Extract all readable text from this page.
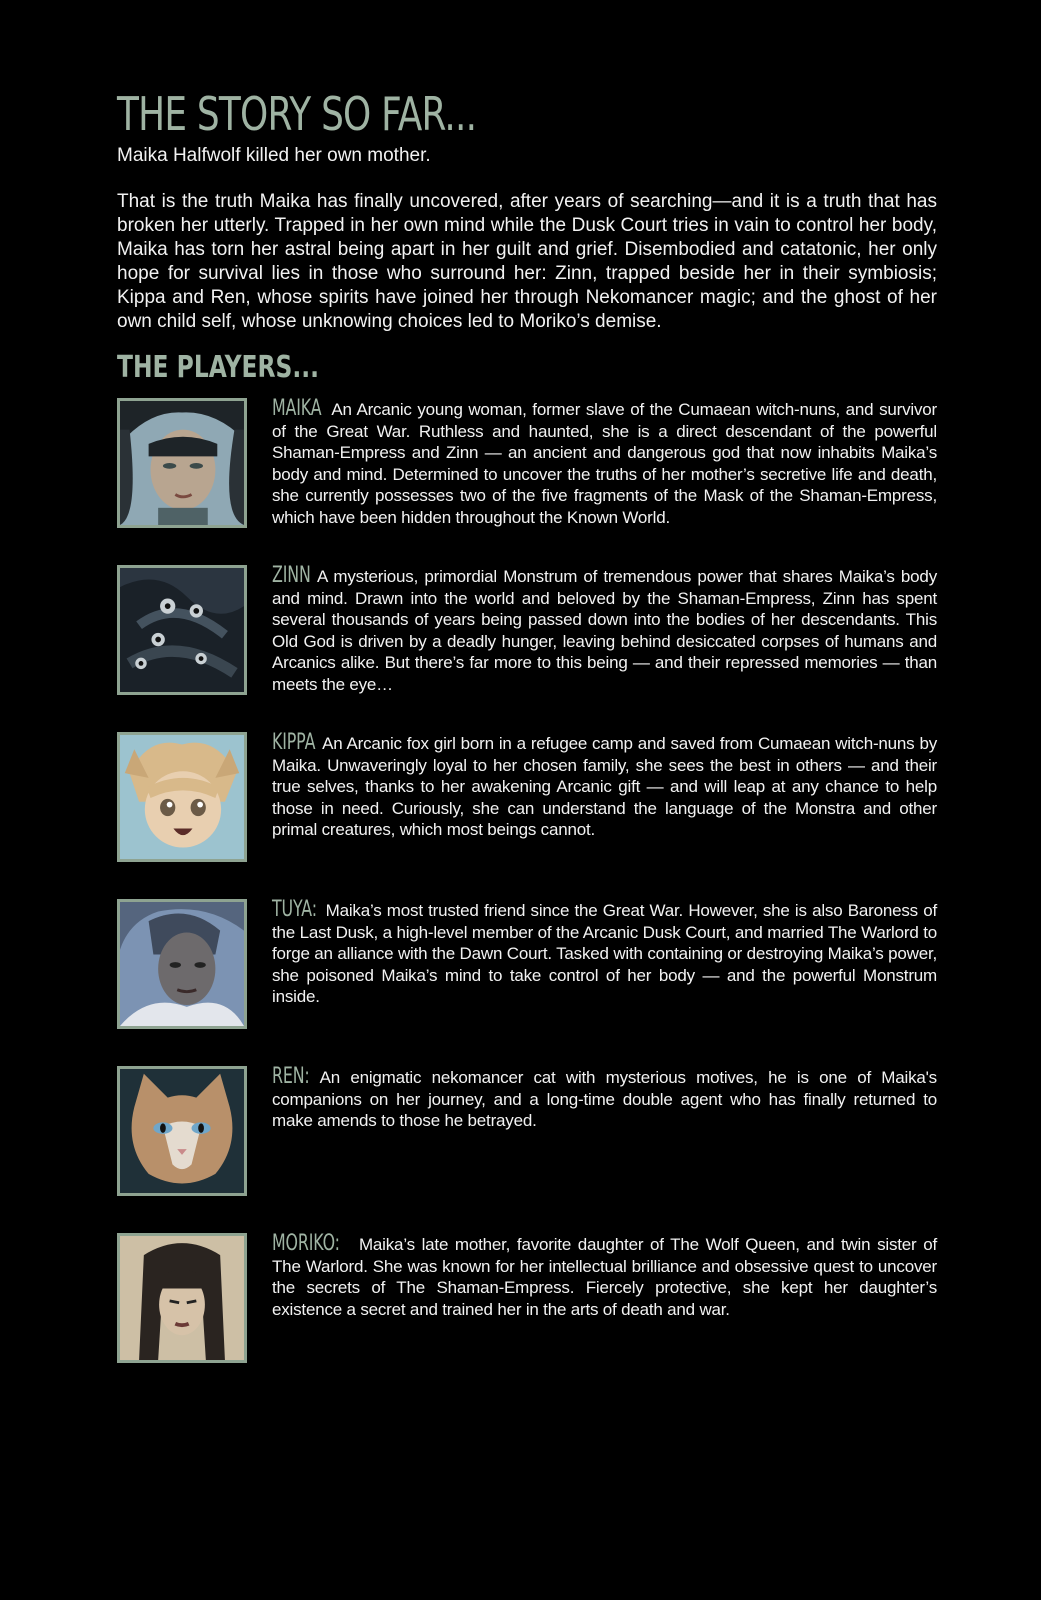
THE STORY SO FAR...

Maika Halfwolf killed her own mother.

That is the truth Maika has finally uncovered, after years of searching—and it is a truth that has broken her utterly. Trapped in her own mind while the Dusk Court tries in vain to control her body, Maika has torn her astral being apart in her guilt and grief. Disembodied and catatonic, her only hope for survival lies in those who surround her: Zinn, trapped beside her in their symbiosis; Kippa and Ren, whose spirits have joined her through Nekomancer magic; and the ghost of her own child self, whose unknowing choices led to Moriko’s demise.

THE PLAYERS...
MAIKA An Arcanic young woman, former slave of the Cumaean witch-nuns, and survivor of the Great War. Ruthless and haunted, she is a direct descendant of the powerful Shaman-Empress and Zinn — an ancient and dangerous god that now inhabits Maika’s body and mind. Determined to uncover the truths of her mother’s secretive life and death, she currently possesses two of the five fragments of the Mask of the Shaman-Empress, which have been hidden throughout the Known World.
ZINN A mysterious, primordial Monstrum of tremendous power that shares Maika’s body and mind. Drawn into the world and beloved by the Shaman-Empress, Zinn has spent several thousands of years being passed down into the bodies of her descendants. This Old God is driven by a deadly hunger, leaving behind desiccated corpses of humans and Arcanics alike. But there’s far more to this being — and their repressed memories — than meets the eye…
KIPPA An Arcanic fox girl born in a refugee camp and saved from Cumaean witch-nuns by Maika. Unwaveringly loyal to her chosen family, she sees the best in others — and their true selves, thanks to her awakening Arcanic gift — and will leap at any chance to help those in need. Curiously, she can understand the language of the Monstra and other primal creatures, which most beings cannot.
TUYA: Maika’s most trusted friend since the Great War. However, she is also Baroness of the Last Dusk, a high-level member of the Arcanic Dusk Court, and married The Warlord to forge an alliance with the Dawn Court. Tasked with containing or destroying Maika’s power, she poisoned Maika’s mind to take control of her body — and the powerful Monstrum inside.
REN: An enigmatic nekomancer cat with mysterious motives, he is one of Maika's companions on her journey, and a long-time double agent who has finally returned to make amends to those he betrayed.
MORIKO: Maika’s late mother, favorite daughter of The Wolf Queen, and twin sister of The Warlord. She was known for her intellectual brilliance and obsessive quest to uncover the secrets of The Shaman-Empress. Fiercely protective, she kept her daughter’s existence a secret and trained her in the arts of death and war.
